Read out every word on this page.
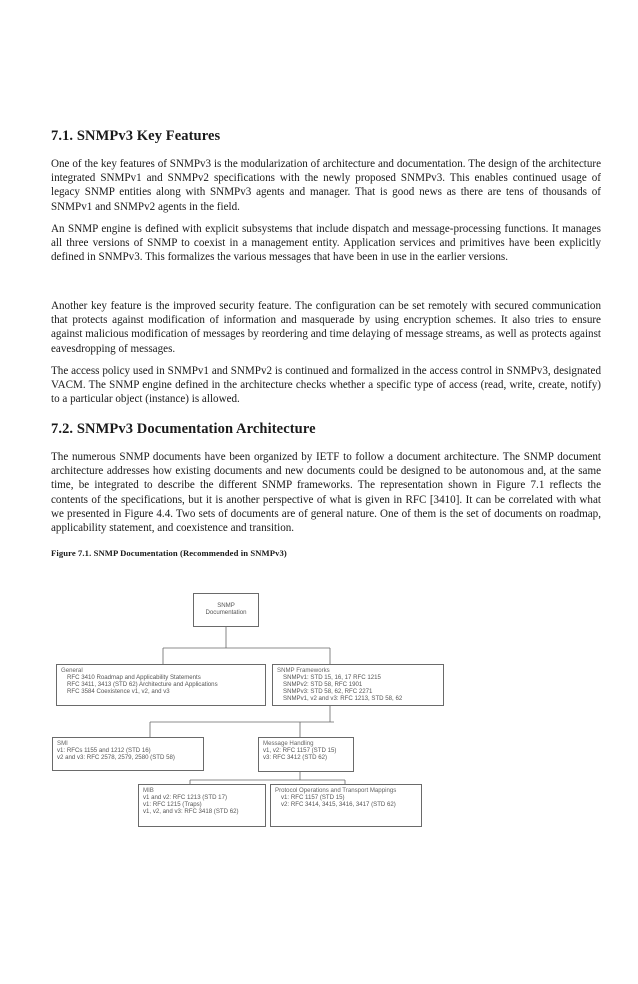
7.1. SNMPv3 Key Features
One of the key features of SNMPv3 is the modularization of architecture and documentation. The design of the architecture integrated SNMPv1 and SNMPv2 specifications with the newly proposed SNMPv3. This enables continued usage of legacy SNMP entities along with SNMPv3 agents and manager. That is good news as there are tens of thousands of SNMPv1 and SNMPv2 agents in the field.
An SNMP engine is defined with explicit subsystems that include dispatch and message-processing functions. It manages all three versions of SNMP to coexist in a management entity. Application services and primitives have been explicitly defined in SNMPv3. This formalizes the various messages that have been in use in the earlier versions.
Another key feature is the improved security feature. The configuration can be set remotely with secured communication that protects against modification of information and masquerade by using encryption schemes. It also tries to ensure against malicious modification of messages by reordering and time delaying of message streams, as well as protects against eavesdropping of messages.
The access policy used in SNMPv1 and SNMPv2 is continued and formalized in the access control in SNMPv3, designated VACM. The SNMP engine defined in the architecture checks whether a specific type of access (read, write, create, notify) to a particular object (instance) is allowed.
7.2. SNMPv3 Documentation Architecture
The numerous SNMP documents have been organized by IETF to follow a document architecture. The SNMP document architecture addresses how existing documents and new documents could be designed to be autonomous and, at the same time, be integrated to describe the different SNMP frameworks. The representation shown in Figure 7.1 reflects the contents of the specifications, but it is another perspective of what is given in RFC [3410]. It can be correlated with what we presented in Figure 4.4. Two sets of documents are of general nature. One of them is the set of documents on roadmap, applicability statement, and coexistence and transition.
Figure 7.1. SNMP Documentation (Recommended in SNMPv3)
SNMP
Documentation
General
RFC 3410 Roadmap and Applicability Statements
RFC 3411, 3413 (STD 62) Architecture and Applications
RFC 3584 Coexistence v1, v2, and v3
SNMP Frameworks
SNMPv1: STD 15, 16, 17 RFC 1215
SNMPv2: STD 58, RFC 1901
SNMPv3: STD 58, 62, RFC 2271
SNMPv1, v2 and v3: RFC 1213, STD 58, 62
SMI
v1: RFCs 1155 and 1212 (STD 16)
v2 and v3: RFC 2578, 2579, 2580 (STD 58)
Message Handling
v1, v2: RFC 1157 (STD 15)
v3: RFC 3412 (STD 62)
MIB
v1 and v2: RFC 1213 (STD 17)
v1: RFC 1215 (Traps)
v1, v2, and v3: RFC 3418 (STD 62)
Protocol Operations and Transport Mappings
v1: RFC 1157 (STD 15)
v2: RFC 3414, 3415, 3416, 3417 (STD 62)
